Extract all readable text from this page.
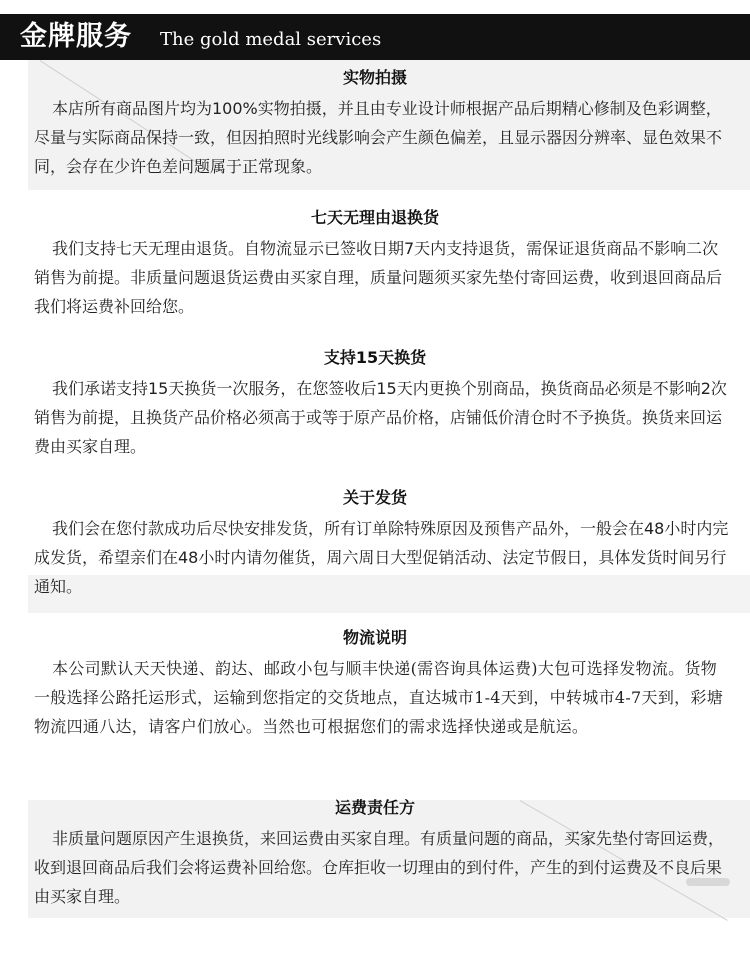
金牌服务 The gold medal services
实物拍摄

本店所有商品图片均为100%实物拍摄，并且由专业设计师根据产品后期精心修制及色彩调整，尽量与实际商品保持一致，但因拍照时光线影响会产生颜色偏差，且显示器因分辨率、显色效果不同，会存在少许色差问题属于正常现象。

七天无理由退换货

我们支持七天无理由退货。自物流显示已签收日期7天内支持退货，需保证退货商品不影响二次销售为前提。非质量问题退货运费由买家自理，质量问题须买家先垫付寄回运费，收到退回商品后我们将运费补回给您。

支持15天换货

我们承诺支持15天换货一次服务，在您签收后15天内更换个别商品，换货商品必须是不影响2次销售为前提，且换货产品价格必须高于或等于原产品价格，店铺低价清仓时不予换货。换货来回运费由买家自理。

关于发货

我们会在您付款成功后尽快安排发货，所有订单除特殊原因及预售产品外，一般会在48小时内完成发货，希望亲们在48小时内请勿催货，周六周日大型促销活动、法定节假日，具体发货时间另行通知。

物流说明

本公司默认天天快递、韵达、邮政小包与顺丰快递(需咨询具体运费)大包可选择发物流。货物一般选择公路托运形式，运输到您指定的交货地点，直达城市1-4天到，中转城市4-7天到，彩塘物流四通八达，请客户们放心。当然也可根据您们的需求选择快递或是航运。

运费责任方

非质量问题原因产生退换货，来回运费由买家自理。有质量问题的商品，买家先垫付寄回运费，收到退回商品后我们会将运费补回给您。仓库拒收一切理由的到付件，产生的到付运费及不良后果由买家自理。
